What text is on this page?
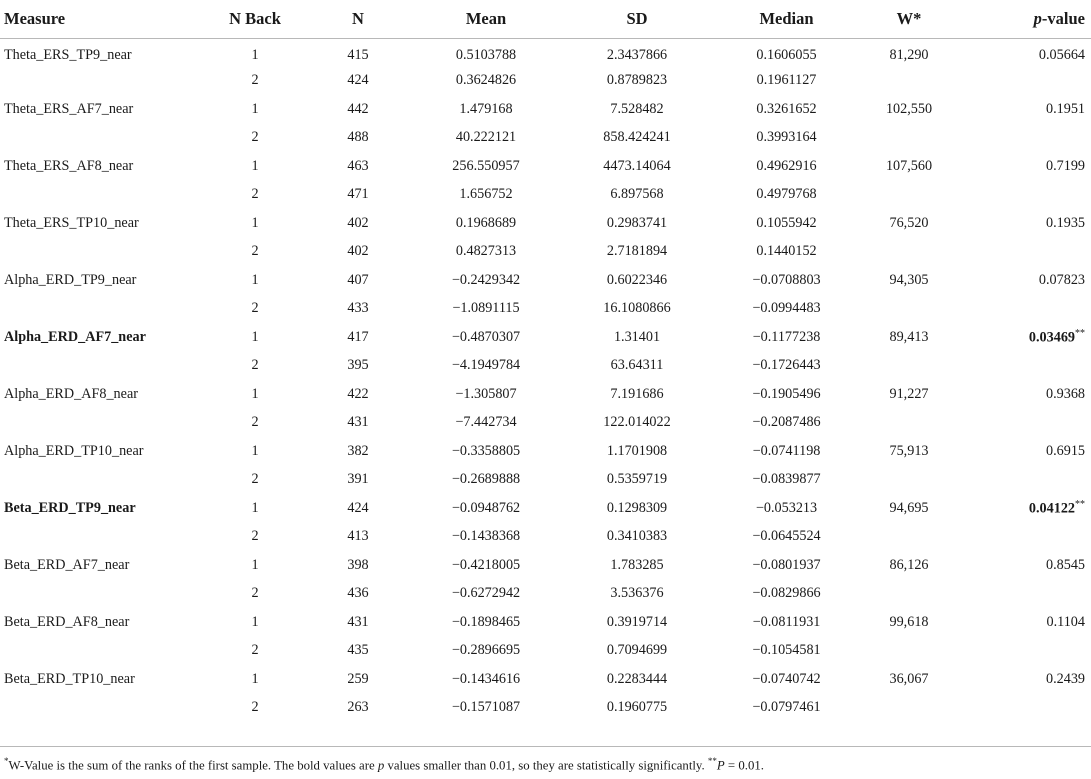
Measure	N Back	N	Mean	SD	Median	W*	p-value
Theta_ERS_TP9_near	1	415	0.5103788	2.3437866	0.1606055	81,290	0.05664
	2	424	0.3624826	0.8789823	0.1961127		
Theta_ERS_AF7_near	1	442	1.479168	7.528482	0.3261652	102,550	0.1951
	2	488	40.222121	858.424241	0.3993164		
Theta_ERS_AF8_near	1	463	256.550957	4473.14064	0.4962916	107,560	0.7199
	2	471	1.656752	6.897568	0.4979768		
Theta_ERS_TP10_near	1	402	0.1968689	0.2983741	0.1055942	76,520	0.1935
	2	402	0.4827313	2.7181894	0.1440152		
Alpha_ERD_TP9_near	1	407	−0.2429342	0.6022346	−0.0708803	94,305	0.07823
	2	433	−1.0891115	16.1080866	−0.0994483		
Alpha_ERD_AF7_near	1	417	−0.4870307	1.31401	−0.1177238	89,413	0.03469**
	2	395	−4.1949784	63.64311	−0.1726443		
Alpha_ERD_AF8_near	1	422	−1.305807	7.191686	−0.1905496	91,227	0.9368
	2	431	−7.442734	122.014022	−0.2087486		
Alpha_ERD_TP10_near	1	382	−0.3358805	1.1701908	−0.0741198	75,913	0.6915
	2	391	−0.2689888	0.5359719	−0.0839877		
Beta_ERD_TP9_near	1	424	−0.0948762	0.1298309	−0.053213	94,695	0.04122**
	2	413	−0.1438368	0.3410383	−0.0645524		
Beta_ERD_AF7_near	1	398	−0.4218005	1.783285	−0.0801937	86,126	0.8545
	2	436	−0.6272942	3.536376	−0.0829866		
Beta_ERD_AF8_near	1	431	−0.1898465	0.3919714	−0.0811931	99,618	0.1104
	2	435	−0.2896695	0.7094699	−0.1054581		
Beta_ERD_TP10_near	1	259	−0.1434616	0.2283444	−0.0740742	36,067	0.2439
	2	263	−0.1571087	0.1960775	−0.0797461		
*W-Value is the sum of the ranks of the first sample. The bold values are p values smaller than 0.01, so they are statistically significantly. **P = 0.01.
